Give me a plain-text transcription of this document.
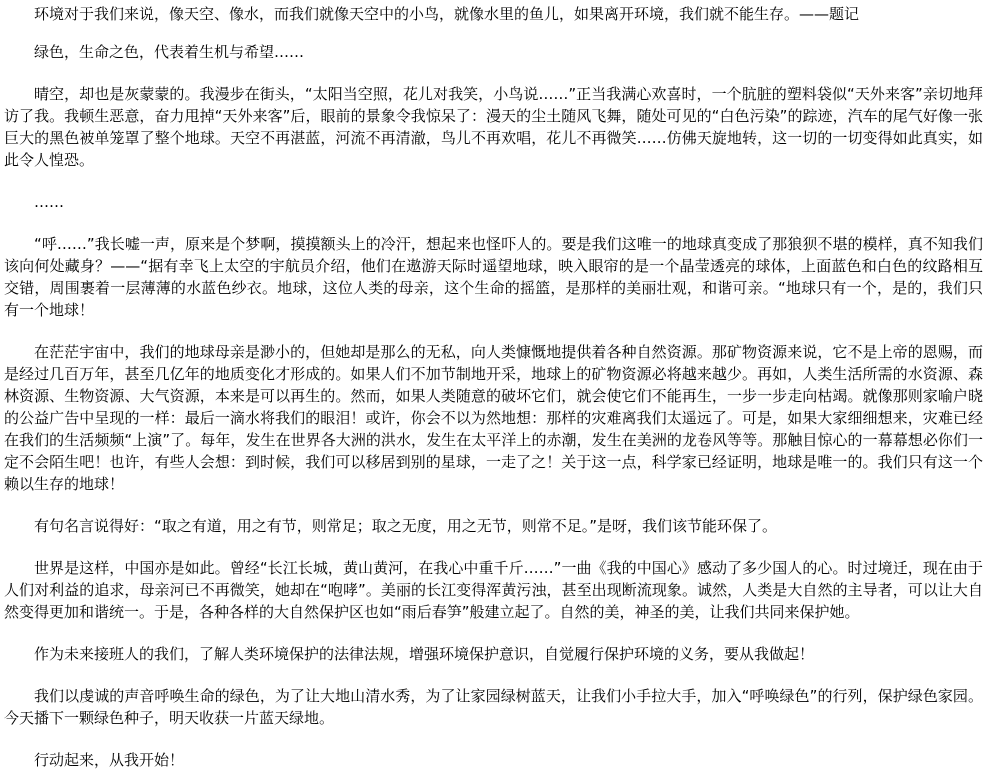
环境对于我们来说，像天空、像水，而我们就像天空中的小鸟，就像水里的鱼儿，如果离开环境，我们就不能生存。——题记

绿色，生命之色，代表着生机与希望……

晴空，却也是灰蒙蒙的。我漫步在街头，“太阳当空照，花儿对我笑，小鸟说……”正当我满心欢喜时，一个肮脏的塑料袋似“天外来客”亲切地拜访了我。我顿生恶意，奋力甩掉“天外来客”后，眼前的景象令我惊呆了：漫天的尘土随风飞舞，随处可见的“白色污染”的踪迹，汽车的尾气好像一张巨大的黑色被单笼罩了整个地球。天空不再湛蓝，河流不再清澈，鸟儿不再欢唱，花儿不再微笑……仿佛天旋地转，这一切的一切变得如此真实，如此令人惶恐。

……

“呼……”我长嘘一声，原来是个梦啊，摸摸额头上的冷汗，想起来也怪吓人的。要是我们这唯一的地球真变成了那狼狈不堪的模样，真不知我们该向何处藏身？——“据有幸飞上太空的宇航员介绍，他们在遨游天际时遥望地球，映入眼帘的是一个晶莹透亮的球体，上面蓝色和白色的纹路相互交错，周围裹着一层薄薄的水蓝色纱衣。地球，这位人类的母亲，这个生命的摇篮，是那样的美丽壮观，和谐可亲。“地球只有一个，是的，我们只有一个地球！

在茫茫宇宙中，我们的地球母亲是渺小的，但她却是那么的无私，向人类慷慨地提供着各种自然资源。那矿物资源来说，它不是上帝的恩赐，而是经过几百万年，甚至几亿年的地质变化才形成的。如果人们不加节制地开采，地球上的矿物资源必将越来越少。再如，人类生活所需的水资源、森林资源、生物资源、大气资源，本来是可以再生的。然而，如果人类随意的破坏它们，就会使它们不能再生，一步一步走向枯竭。就像那则家喻户晓的公益广告中呈现的一样：最后一滴水将我们的眼泪！或许，你会不以为然地想：那样的灾难离我们太遥远了。可是，如果大家细细想来，灾难已经在我们的生活频频“上演”了。每年，发生在世界各大洲的洪水，发生在太平洋上的赤潮，发生在美洲的龙卷风等等。那触目惊心的一幕幕想必你们一定不会陌生吧！也许，有些人会想：到时候，我们可以移居到别的星球，一走了之！关于这一点，科学家已经证明，地球是唯一的。我们只有这一个赖以生存的地球！

有句名言说得好：“取之有道，用之有节，则常足；取之无度，用之无节，则常不足。”是呀，我们该节能环保了。

世界是这样，中国亦是如此。曾经“长江长城，黄山黄河，在我心中重千斤……”一曲《我的中国心》感动了多少国人的心。时过境迁，现在由于人们对利益的追求，母亲河已不再微笑，她却在“咆哮”。美丽的长江变得浑黄污浊，甚至出现断流现象。诚然，人类是大自然的主导者，可以让大自然变得更加和谐统一。于是，各种各样的大自然保护区也如“雨后春笋”般建立起了。自然的美，神圣的美，让我们共同来保护她。

作为未来接班人的我们，了解人类环境保护的法律法规，增强环境保护意识，自觉履行保护环境的义务，要从我做起！

我们以虔诚的声音呼唤生命的绿色，为了让大地山清水秀，为了让家园绿树蓝天，让我们小手拉大手，加入“呼唤绿色”的行列，保护绿色家园。今天播下一颗绿色种子，明天收获一片蓝天绿地。

行动起来，从我开始！
